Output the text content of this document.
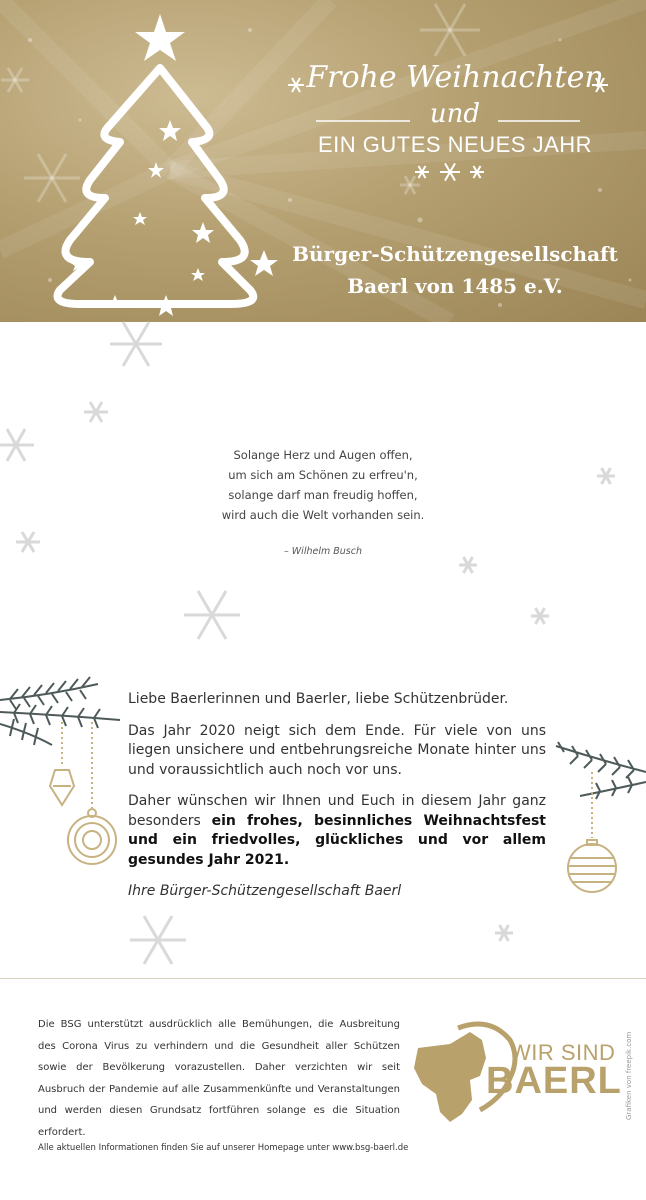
Frohe Weihnachten
und
EIN GUTES NEUES JAHR
Bürger-Schützengesellschaft
Baerl von 1485 e.V.
Solange Herz und Augen offen,
um sich am Schönen zu erfreu'n,
solange darf man freudig hoffen,
wird auch die Welt vorhanden sein.
– Wilhelm Busch

Liebe Baerlerinnen und Baerler, liebe Schützenbrüder.

Das Jahr 2020 neigt sich dem Ende. Für viele von uns liegen unsichere und entbehrungsreiche Monate hinter uns und voraussichtlich auch noch vor uns.

Daher wünschen wir Ihnen und Euch in diesem Jahr ganz besonders ein frohes, besinnliches Weihnachtsfest und ein friedvolles, glückliches und vor allem gesundes Jahr 2021.

Ihre Bürger-Schützengesellschaft Baerl

Die BSG unterstützt ausdrücklich alle Bemühungen, die Ausbreitung des Corona Virus zu verhindern und die Gesundheit aller Schützen sowie der Bevölkerung vorazustellen. Daher verzichten wir seit Ausbruch der Pandemie auf alle Zusammenkünfte und Veranstaltungen und werden diesen Grundsatz fortführen solange es die Situation erfordert.
Alle aktuellen Informationen finden Sie auf unserer Homepage unter www.bsg-baerl.de
WIR SIND
BAERL Grafiken von freepik.com
